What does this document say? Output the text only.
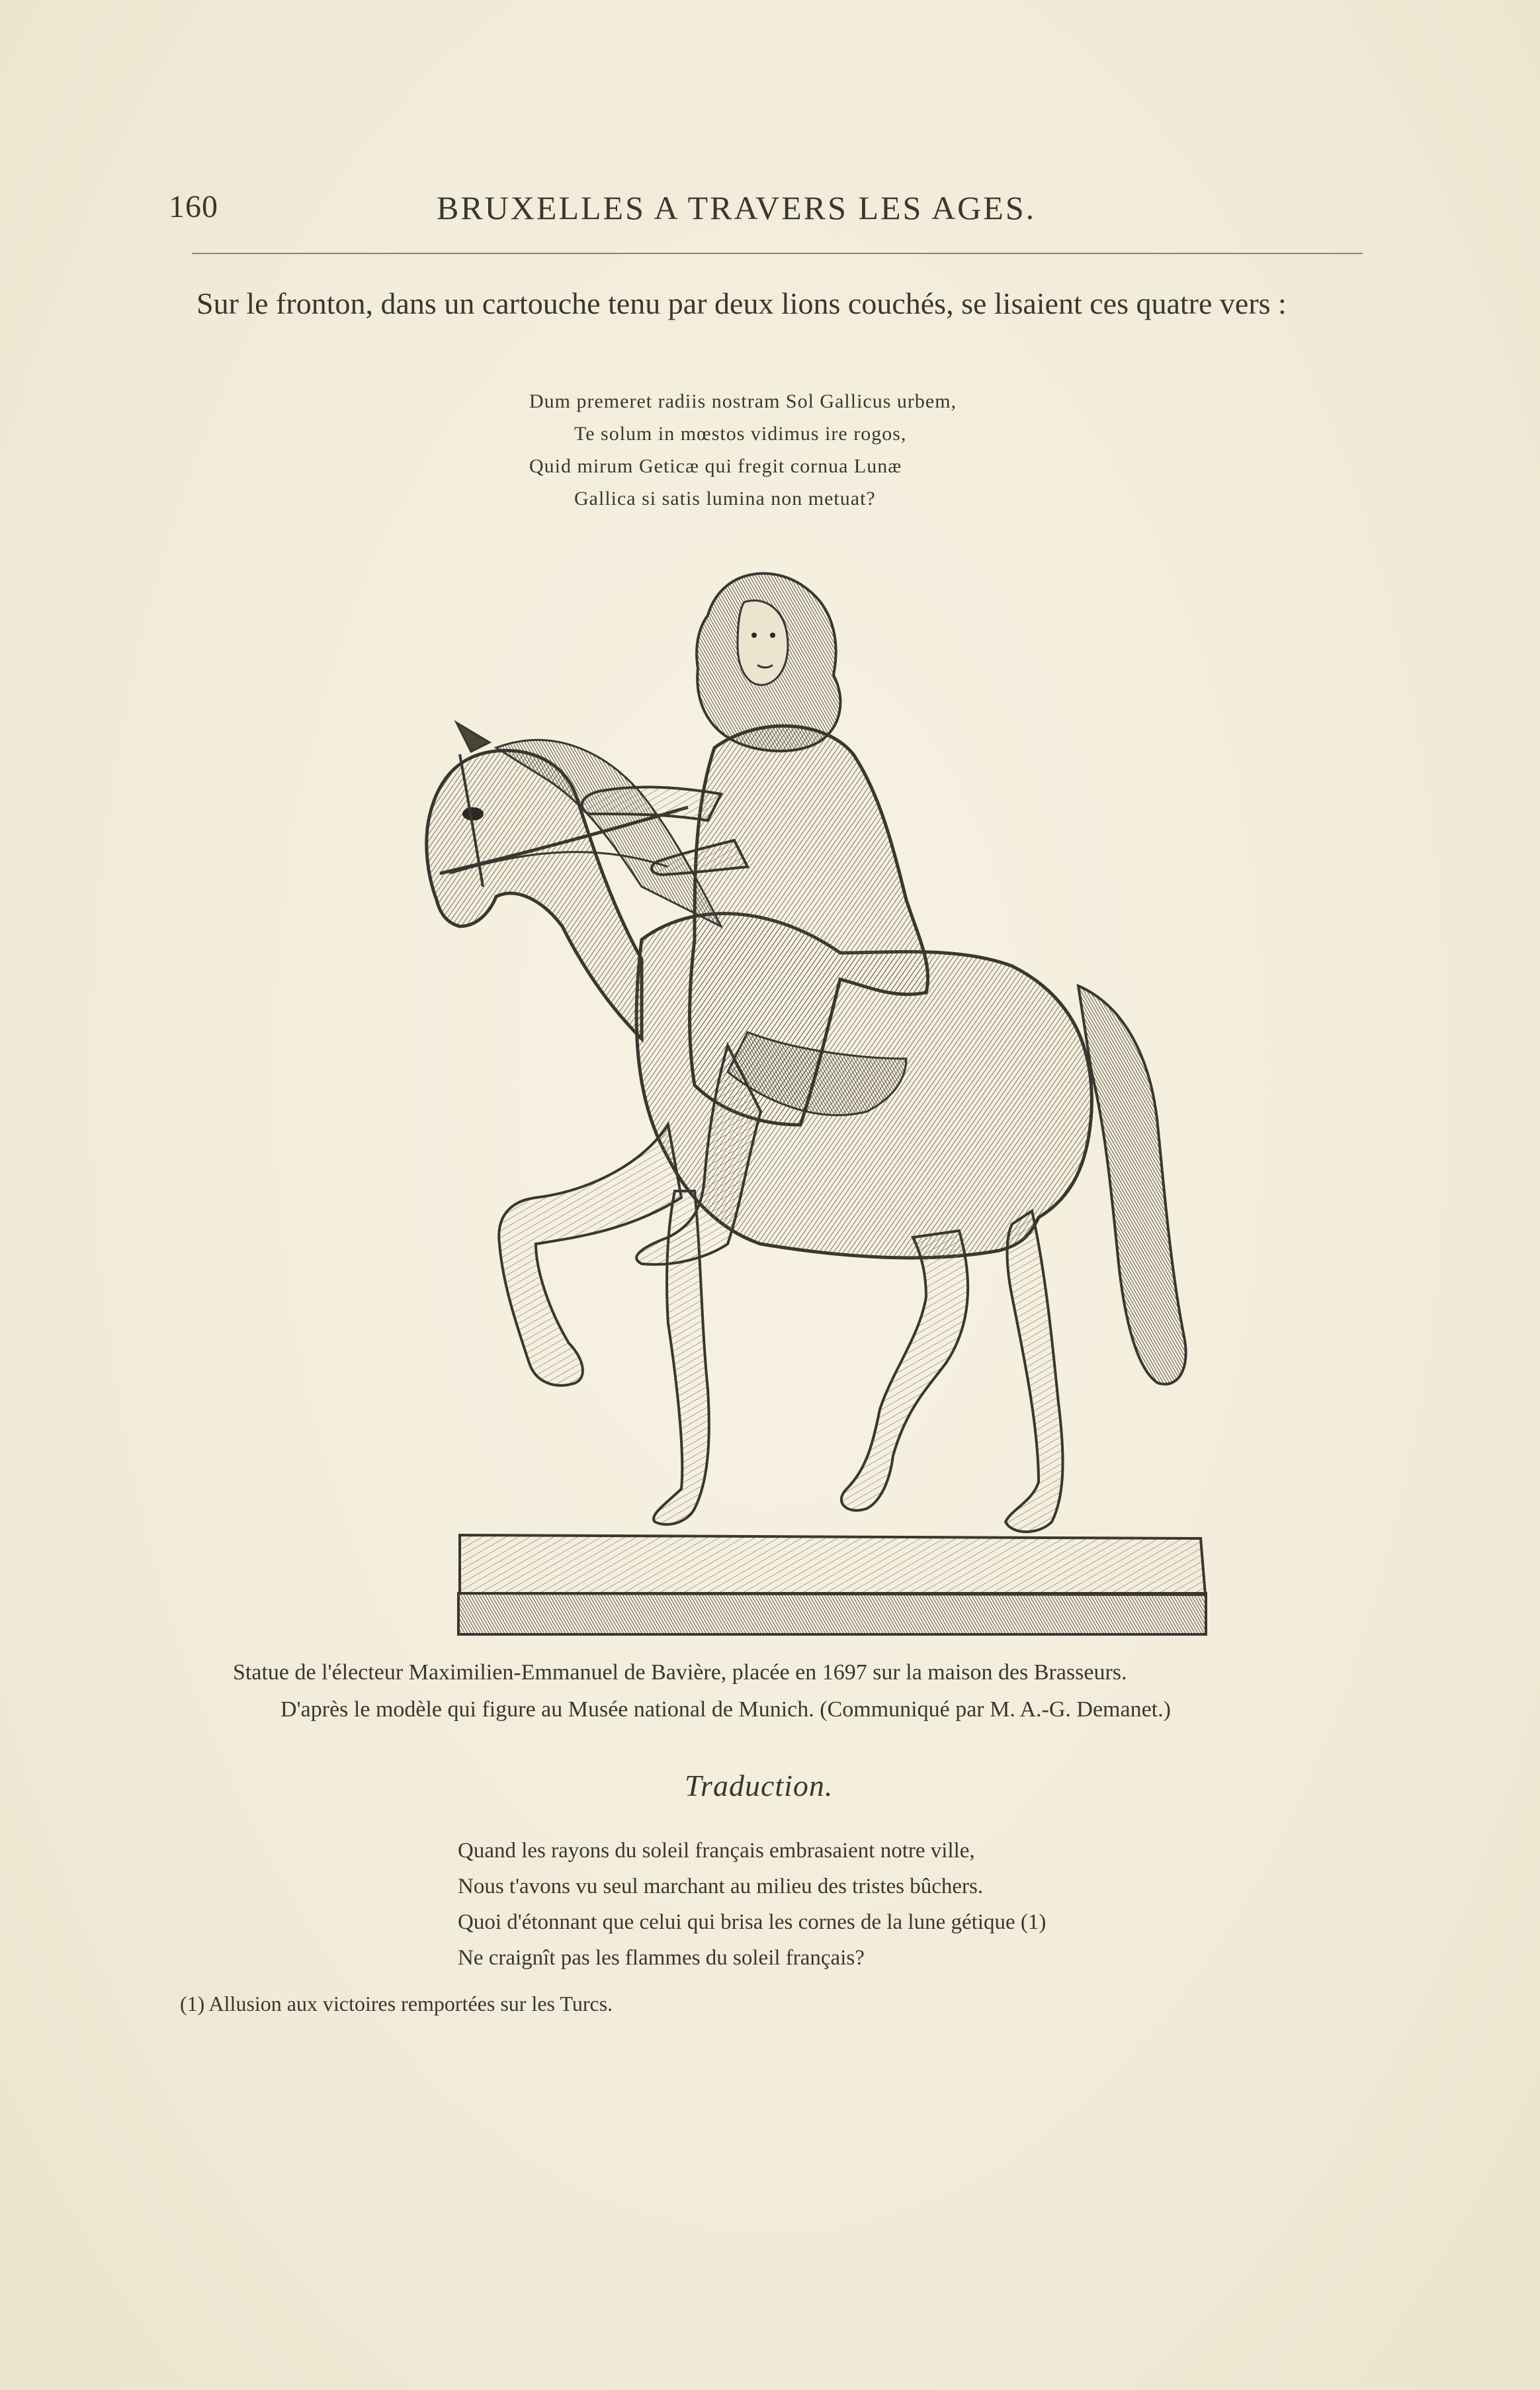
160	BRUXELLES A TRAVERS LES AGES.

Sur le fronton, dans un cartouche tenu par deux lions couchés, se lisaient ces quatre vers :

Dum premeret radiis nostram Sol Gallicus urbem,
Te solum in mœstos vidimus ire rogos,
Quid mirum Geticæ qui fregit cornua Lunæ
Gallica si satis lumina non metuat?
Statue de l'électeur Maximilien-Emmanuel de Bavière, placée en 1697 sur la maison des Brasseurs.
D'après le modèle qui figure au Musée national de Munich. (Communiqué par M. A.-G. Demanet.)
Traduction.
Quand les rayons du soleil français embrasaient notre ville,
Nous t'avons vu seul marchant au milieu des tristes bûchers.
Quoi d'étonnant que celui qui brisa les cornes de la lune gétique (1)
Ne craignît pas les flammes du soleil français?
(1) Allusion aux victoires remportées sur les Turcs.
